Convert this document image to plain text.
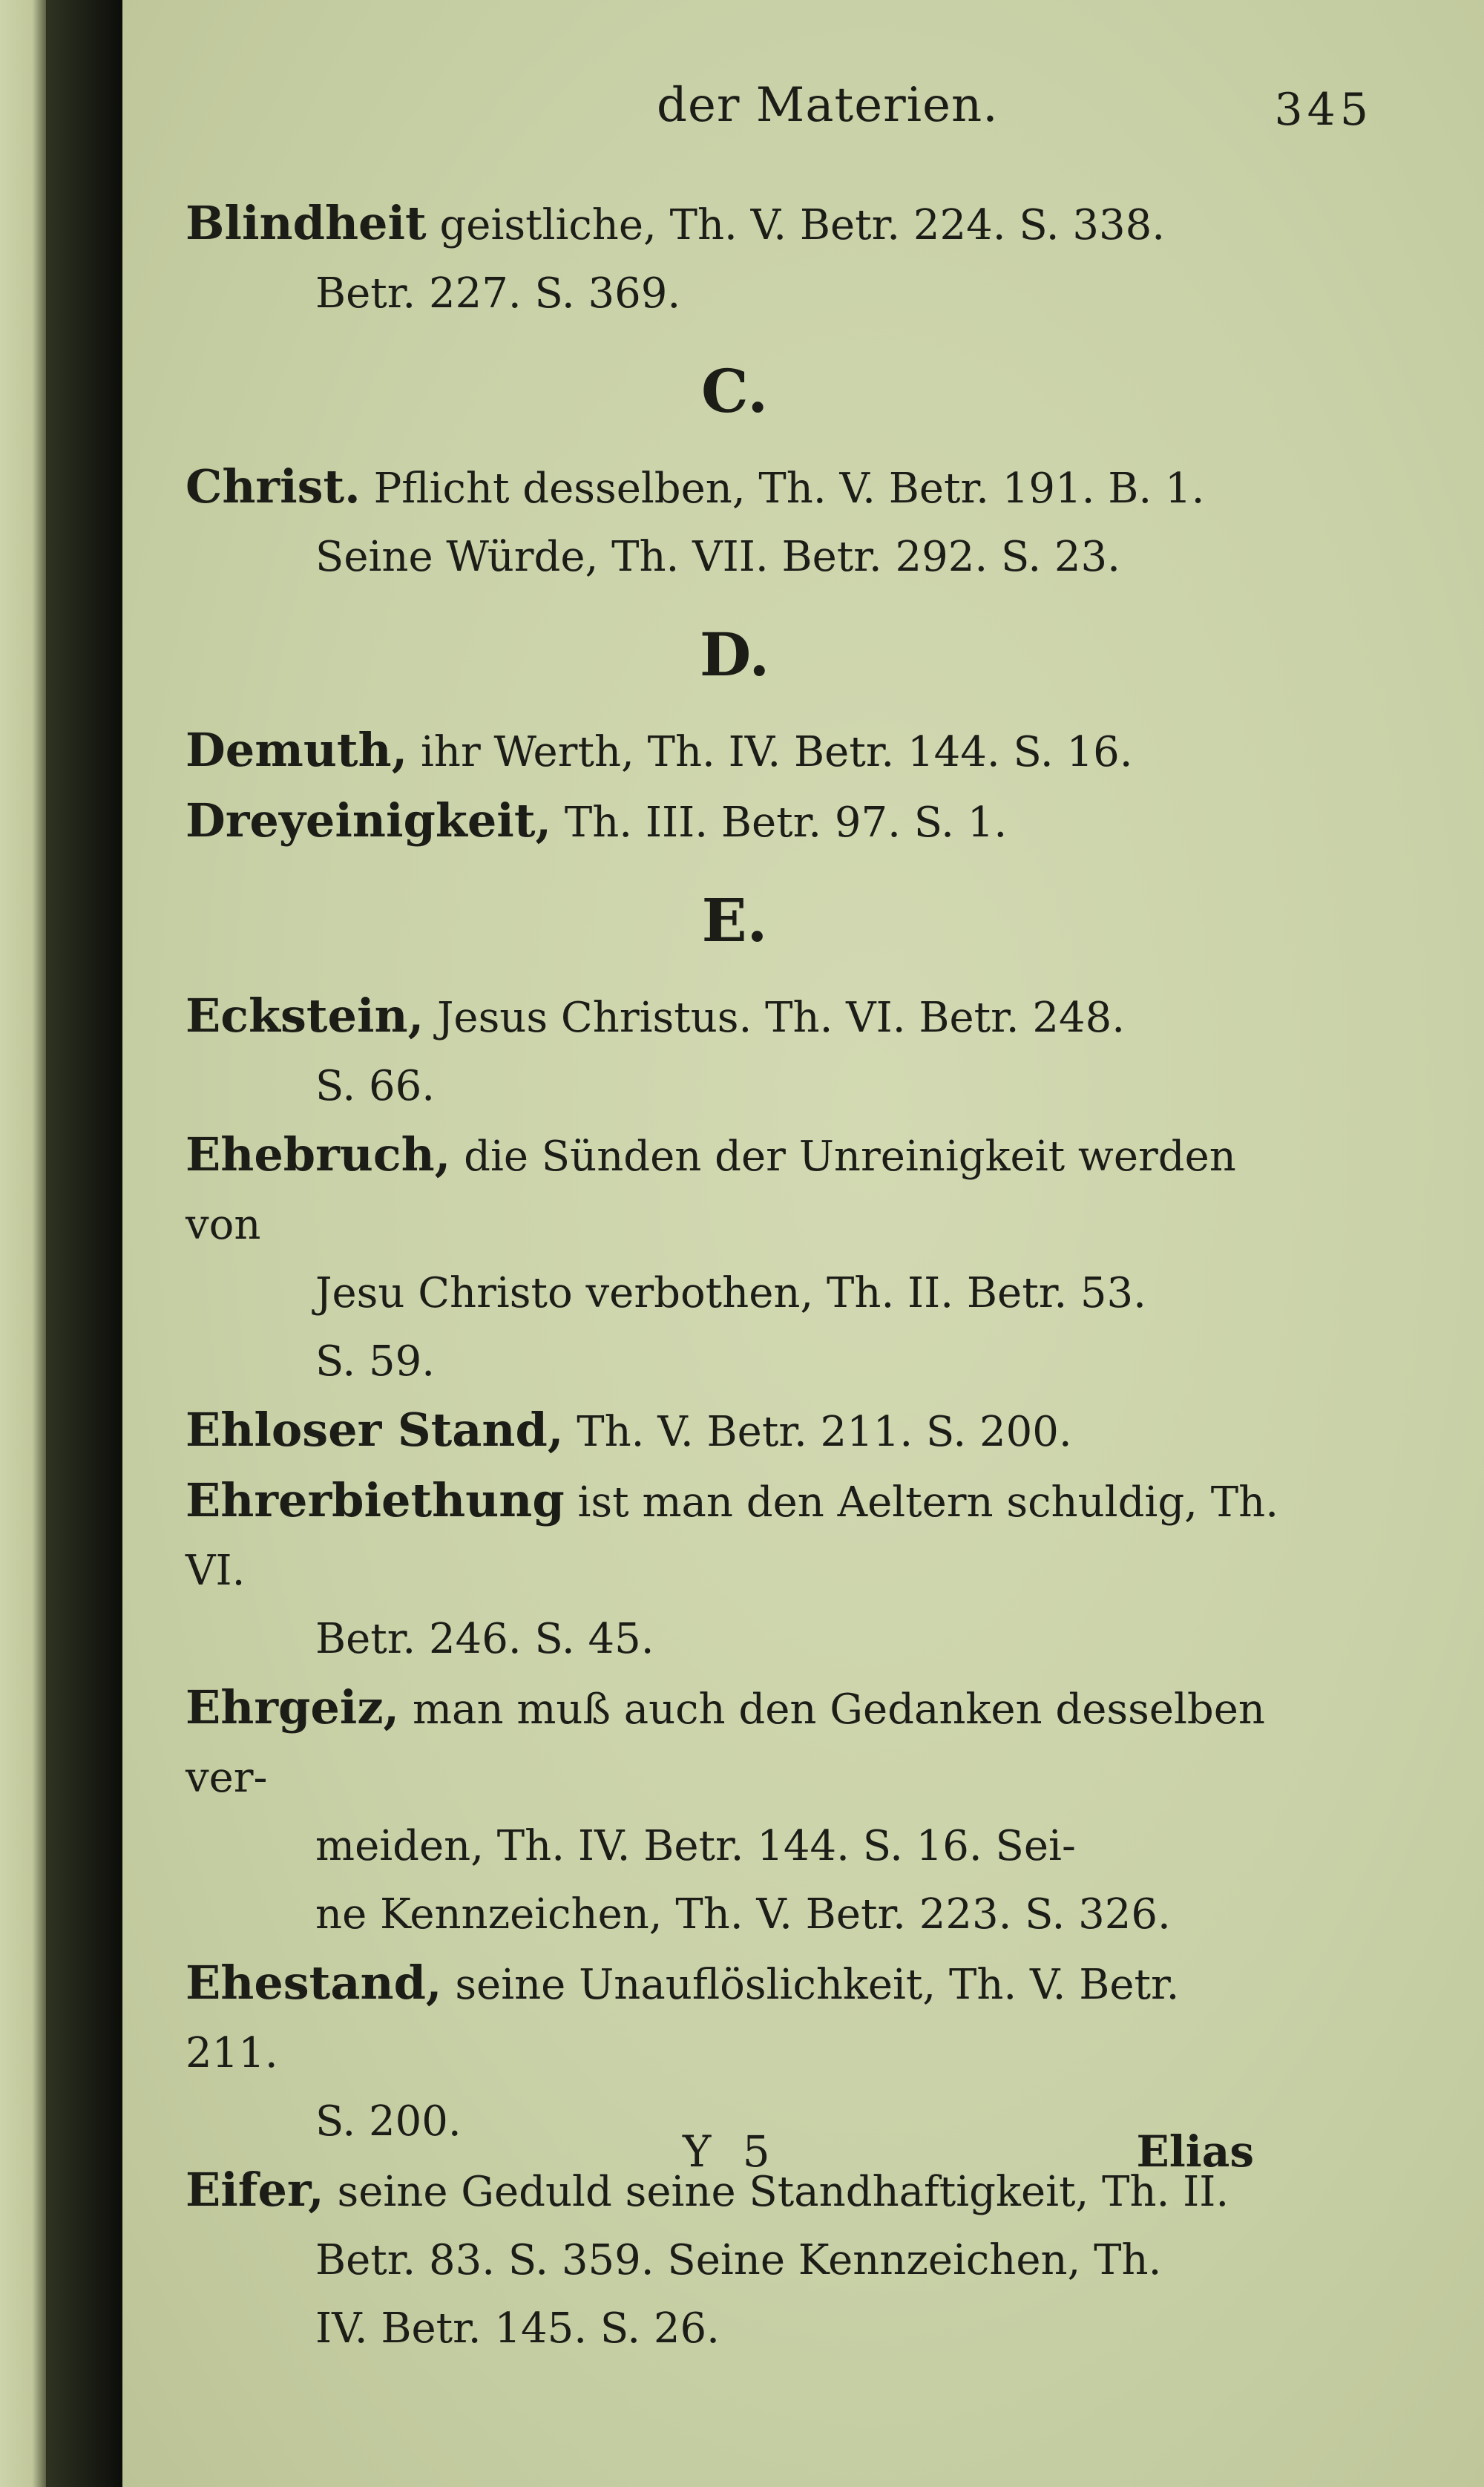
der Materien.	345
Blindheit geistliche, Th. V. Betr. 224. S. 338.
Betr. 227. S. 369.
C.
Christ. Pflicht desselben, Th. V. Betr. 191. B. 1.
Seine Würde, Th. VII. Betr. 292. S. 23.
D.
Demuth, ihr Werth, Th. IV. Betr. 144. S. 16.
Dreyeinigkeit, Th. III. Betr. 97. S. 1.
E.
Eckstein, Jesus Christus. Th. VI. Betr. 248.
S. 66.
Ehebruch, die Sünden der Unreinigkeit werden von
Jesu Christo verbothen, Th. II. Betr. 53.
S. 59.
Ehloser Stand, Th. V. Betr. 211. S. 200.
Ehrerbiethung ist man den Aeltern schuldig, Th. VI.
Betr. 246. S. 45.
Ehrgeiz, man muß auch den Gedanken desselben ver-
meiden, Th. IV. Betr. 144. S. 16. Sei-
ne Kennzeichen, Th. V. Betr. 223. S. 326.
Ehestand, seine Unauflöslichkeit, Th. V. Betr. 211.
S. 200.
Eifer, seine Geduld seine Standhaftigkeit, Th. II.
Betr. 83. S. 359. Seine Kennzeichen, Th.
IV. Betr. 145. S. 26.
Y 5	Elias
